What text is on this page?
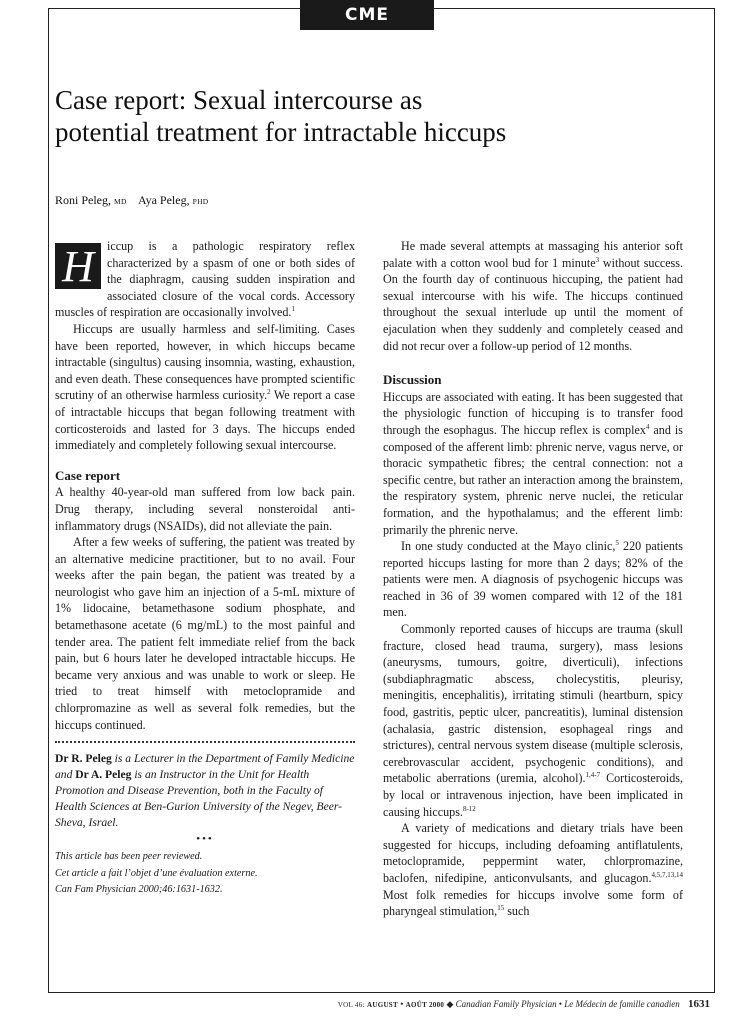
CME
Case report: Sexual intercourse as
potential treatment for intractable hiccups
Roni Peleg, MD Aya Peleg, PHD

H	iccup is a pathologic respiratory reflex characterized by a spasm of one or both sides of the diaphragm, causing sudden inspiration and associated closure of the vocal cords. Accessory muscles of respiration are occasionally involved.$^1$

Hiccups are usually harmless and self-limiting. Cases have been reported, however, in which hiccups became intractable (singultus) causing insomnia, wasting, exhaustion, and even death. These consequences have prompted scientific scrutiny of an otherwise harmless curiosity.$^2$ We report a case of intractable hiccups that began following treatment with corticosteroids and lasted for 3 days. The hiccups ended immediately and completely following sexual intercourse.

Case report

A healthy 40-year-old man suffered from low back pain. Drug therapy, including several nonsteroidal anti-inflammatory drugs (NSAIDs), did not alleviate the pain.

After a few weeks of suffering, the patient was treated by an alternative medicine practitioner, but to no avail. Four weeks after the pain began, the patient was treated by a neurologist who gave him an injection of a 5-mL mixture of 1% lidocaine, betamethasone sodium phosphate, and betamethasone acetate (6 mg/mL) to the most painful and tender area. The patient felt immediate relief from the back pain, but 6 hours later he developed intractable hiccups. He became very anxious and was unable to work or sleep. He tried to treat himself with metoclopramide and chlorpromazine as well as several folk remedies, but the hiccups continued.

Dr R. Peleg is a Lecturer in the Department of Family Medicine and Dr A. Peleg is an Instructor in the Unit for Health Promotion and Disease Prevention, both in the Faculty of Health Sciences at Ben-Gurion University of the Negev, Beer-Sheva, Israel.
•••
This article has been peer reviewed.
Cet article a fait l’objet d’une évaluation externe.
Can Fam Physician 2000;46:1631-1632.

He made several attempts at massaging his anterior soft palate with a cotton wool bud for 1 minute$^3$ without success. On the fourth day of continuous hiccuping, the patient had sexual intercourse with his wife. The hiccups continued throughout the sexual interlude up until the moment of ejaculation when they suddenly and completely ceased and did not recur over a follow-up period of 12 months.

Discussion

Hiccups are associated with eating. It has been suggested that the physiologic function of hiccuping is to transfer food through the esophagus. The hiccup reflex is complex$^4$ and is composed of the afferent limb: phrenic nerve, vagus nerve, or thoracic sympathetic fibres; the central connection: not a specific centre, but rather an interaction among the brainstem, the respiratory system, phrenic nerve nuclei, the reticular formation, and the hypothalamus; and the efferent limb: primarily the phrenic nerve.

In one study conducted at the Mayo clinic,$^5$ 220 patients reported hiccups lasting for more than 2 days; 82% of the patients were men. A diagnosis of psychogenic hiccups was reached in 36 of 39 women compared with 12 of the 181 men.

Commonly reported causes of hiccups are trauma (skull fracture, closed head trauma, surgery), mass lesions (aneurysms, tumours, goitre, diverticuli), infections (subdiaphragmatic abscess, cholecystitis, pleurisy, meningitis, encephalitis), irritating stimuli (heartburn, spicy food, gastritis, peptic ulcer, pancreatitis), luminal distension (achalasia, gastric distension, esophageal rings and strictures), central nervous system disease (multiple sclerosis, cerebrovascular accident, psychogenic conditions), and metabolic aberrations (uremia, alcohol).$^{1,4-7}$ Corticosteroids, by local or intravenous injection, have been implicated in causing hiccups.$^{8-12}$

A variety of medications and dietary trials have been suggested for hiccups, including defoaming antiflatulents, metoclopramide, peppermint water, chlorpromazine, baclofen, nifedipine, anticonvulsants, and glucagon.$^{4,5,7,13,14}$ Most folk remedies for hiccups involve some form of pharyngeal stimulation,$^{15}$ such

VOL 46: AUGUST • AOÛT 2000 ◆ Canadian Family Physician • Le Médecin de famille canadien 1631
